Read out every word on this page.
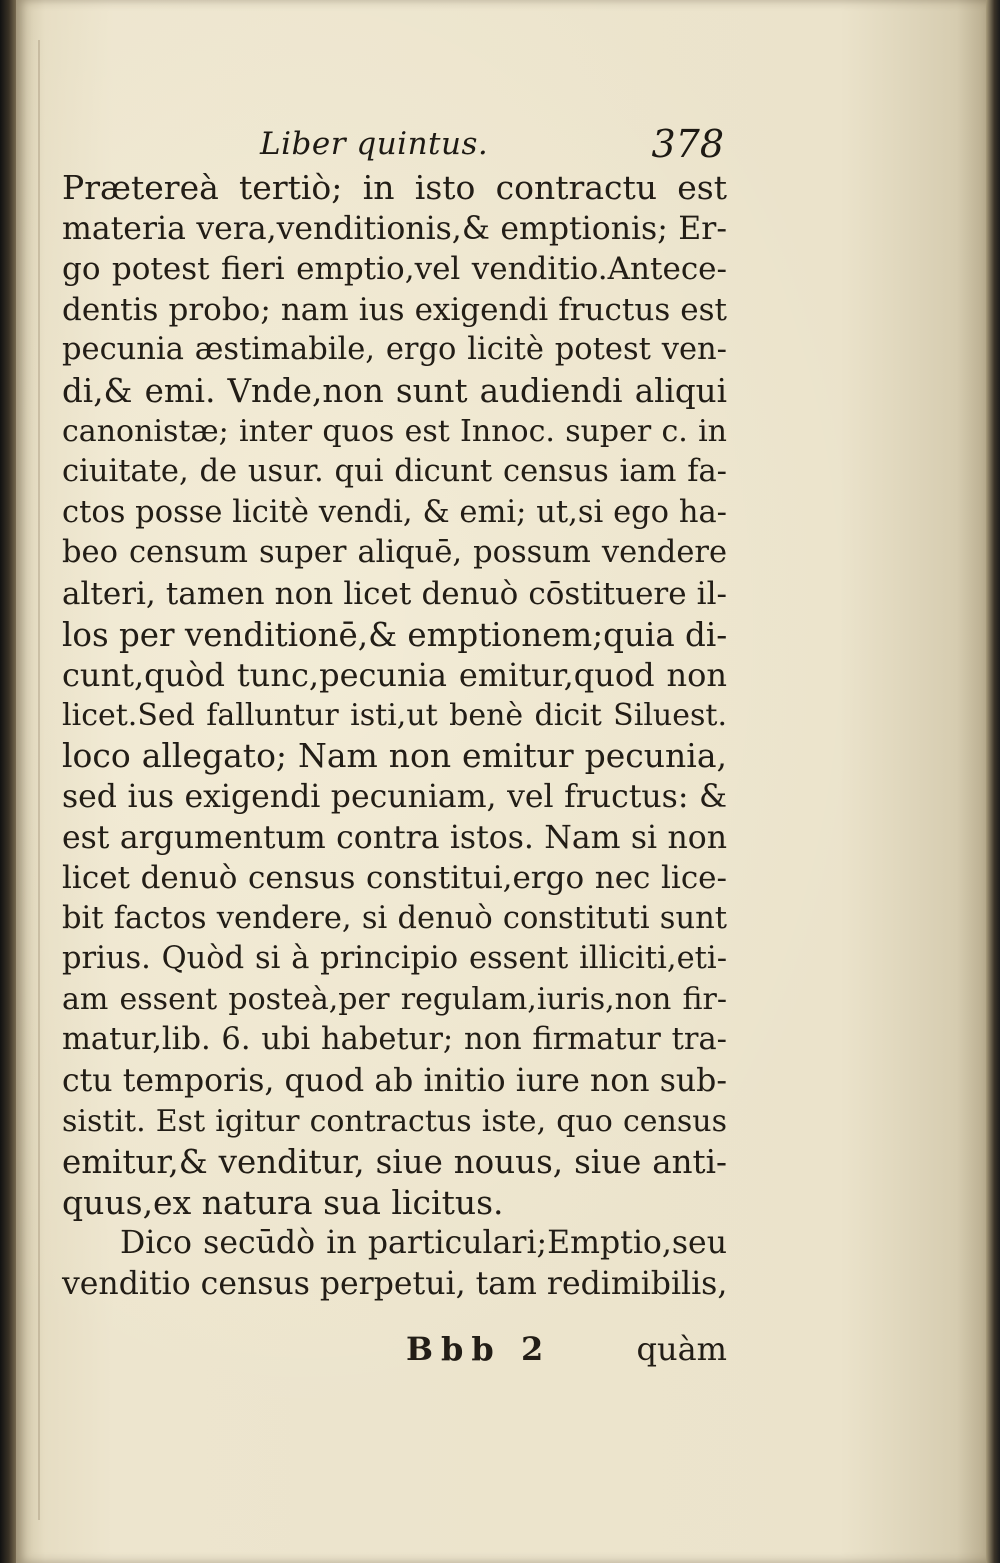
Liber quintus.	378
Prӕtereà tertiò; in isto contractu est
materia vera,venditionis,& emptionis; Er-
go potest fieri emptio,vel venditio.Antece-
dentis probo; nam ius exigendi fructus est
pecunia ӕstimabile, ergo licitè potest ven-
di,& emi. Vnde,non sunt audiendi aliqui
canonistӕ; inter quos est Innoc. super c. in
ciuitate, de usur. qui dicunt census iam fa-
ctos posse licitè vendi, & emi; ut,si ego ha-
beo censum super aliquē, possum vendere
alteri, tamen non licet denuò cōstituere il-
los per venditionē,& emptionem;quia di-
cunt,quòd tunc,pecunia emitur,quod non
licet.Sed falluntur isti,ut benè dicit Siluest.
loco allegato; Nam non emitur pecunia,
sed ius exigendi pecuniam, vel fructus: &
est argumentum contra istos. Nam si non
licet denuò census constitui,ergo nec lice-
bit factos vendere, si denuò constituti sunt
prius. Quòd si à principio essent illiciti,eti-
am essent posteà,per regulam,iuris,non fir-
matur,lib. 6. ubi habetur; non firmatur tra-
ctu temporis, quod ab initio iure non sub-
sistit. Est igitur contractus iste, quo census
emitur,& venditur, siue nouus, siue anti-
quus,ex natura sua licitus.
Dico secūdò in particulari;Emptio,seu
venditio census perpetui, tam redimibilis,
Bbb 2	quàm
